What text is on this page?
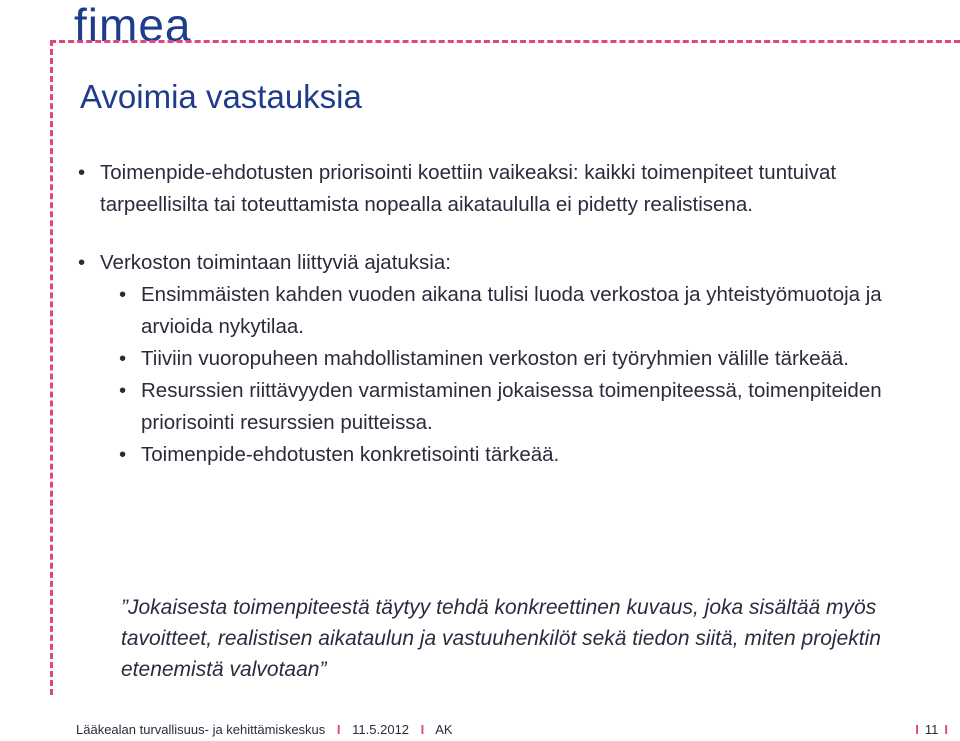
fimea
Avoimia vastauksia
• Toimenpide-ehdotusten priorisointi koettiin vaikeaksi: kaikki toimenpiteet tuntuivat tarpeellisilta tai toteuttamista nopealla aikataululla ei pidetty realistisena.
• Verkoston toimintaan liittyviä ajatuksia:
• Ensimmäisten kahden vuoden aikana tulisi luoda verkostoa ja yhteistyömuotoja ja arvioida nykytilaa.
• Tiiviin vuoropuheen mahdollistaminen verkoston eri työryhmien välille tärkeää.
• Resurssien riittävyyden varmistaminen jokaisessa toimenpiteessä, toimenpiteiden priorisointi resurssien puitteissa.
• Toimenpide-ehdotusten konkretisointi tärkeää.
”Jokaisesta toimenpiteestä täytyy tehdä konkreettinen kuvaus, joka sisältää myös tavoitteet, realistisen aikataulun ja vastuuhenkilöt sekä tiedon siitä, miten projektin etenemistä valvotaan”
Lääkealan turvallisuus- ja kehittämiskeskus I 11.5.2012 I AK	I 11 I
